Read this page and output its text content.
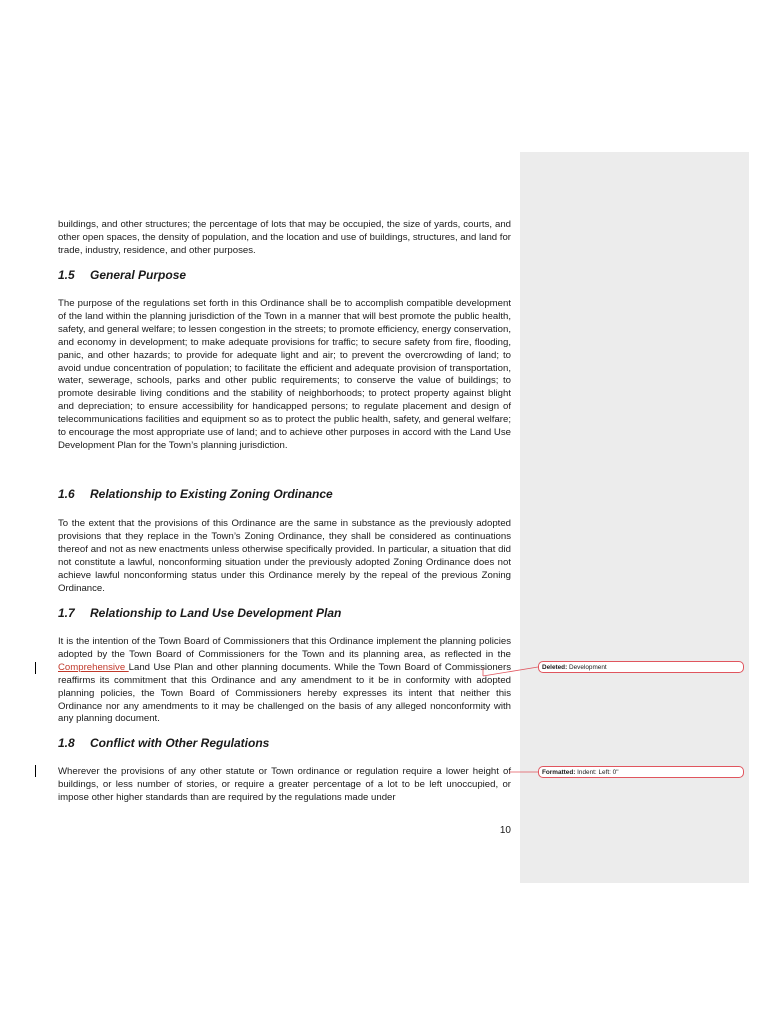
buildings, and other structures; the percentage of lots that may be occupied, the size of yards, courts, and other open spaces, the density of population, and the location and use of buildings, structures, and land for trade, industry, residence, and other purposes.

1.5 General Purpose

The purpose of the regulations set forth in this Ordinance shall be to accomplish compatible development of the land within the planning jurisdiction of the Town in a manner that will best promote the public health, safety, and general welfare; to lessen congestion in the streets; to promote efficiency, energy conservation, and economy in development; to make adequate provisions for traffic; to secure safety from fire, flooding, panic, and other hazards; to provide for adequate light and air; to prevent the overcrowding of land; to avoid undue concentration of population; to facilitate the efficient and adequate provision of transportation, water, sewerage, schools, parks and other public requirements; to conserve the value of buildings; to promote desirable living conditions and the stability of neighborhoods; to protect property against blight and depreciation; to ensure accessibility for handicapped persons; to regulate placement and design of telecommunications facilities and equipment so as to protect the public health, safety, and general welfare; to encourage the most appropriate use of land; and to achieve other purposes in accord with the Land Use Development Plan for the Town’s planning jurisdiction.

1.6 Relationship to Existing Zoning Ordinance

To the extent that the provisions of this Ordinance are the same in substance as the previously adopted provisions that they replace in the Town’s Zoning Ordinance, they shall be considered as continuations thereof and not as new enactments unless otherwise specifically provided. In particular, a situation that did not constitute a lawful, nonconforming situation under the previously adopted Zoning Ordinance does not achieve lawful nonconforming status under this Ordinance merely by the repeal of the previous Zoning Ordinance.

1.7 Relationship to Land Use Development Plan

It is the intention of the Town Board of Commissioners that this Ordinance implement the planning policies adopted by the Town Board of Commissioners for the Town and its planning area, as reflected in the Comprehensive Land Use Plan and other planning documents. While the Town Board of Commissioners reaffirms its commitment that this Ordinance and any amendment to it be in conformity with adopted planning policies, the Town Board of Commissioners hereby expresses its intent that neither this Ordinance nor any amendments to it may be challenged on the basis of any alleged nonconformity with any planning document.

1.8 Conflict with Other Regulations

Wherever the provisions of any other statute or Town ordinance or regulation require a lower height of buildings, or less number of stories, or require a greater percentage of a lot to be left unoccupied, or impose other higher standards than are required by the regulations made under

Deleted: Development
Formatted: Indent: Left: 0"
10
